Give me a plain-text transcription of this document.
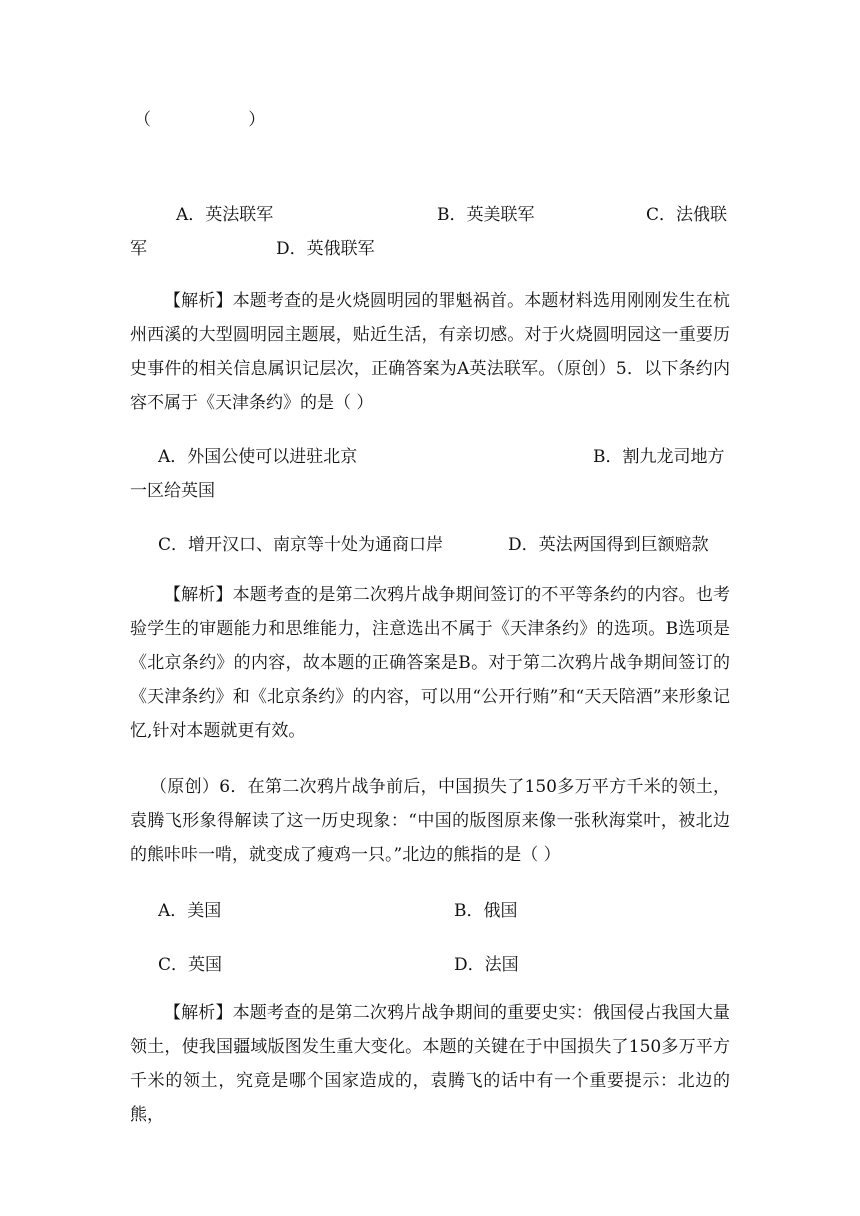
（                  ）
A．英法联军	B．英美联军	C．法俄联
军	D．英俄联军

【解析】本题考查的是火烧圆明园的罪魁祸首。本题材料选用刚刚发生在杭州西溪的大型圆明园主题展，贴近生活，有亲切感。对于火烧圆明园这一重要历史事件的相关信息属识记层次，正确答案为A英法联军。（原创）5．以下条约内容不属于《天津条约》的是（ ）

A．外国公使可以进驻北京	B．割九龙司地方
一区给英国
C．增开汉口、南京等十处为通商口岸	D．英法两国得到巨额赔款

【解析】本题考查的是第二次鸦片战争期间签订的不平等条约的内容。也考验学生的审题能力和思维能力，注意选出不属于《天津条约》的选项。B选项是《北京条约》的内容，故本题的正确答案是B。对于第二次鸦片战争期间签订的《天津条约》和《北京条约》的内容，可以用“公开行贿”和“天天陪酒”来形象记忆,针对本题就更有效。

（原创）6．在第二次鸦片战争前后，中国损失了150多万平方千米的领土，袁腾飞形象得解读了这一历史现象：“中国的版图原来像一张秋海棠叶，被北边的熊咔咔一啃，就变成了瘦鸡一只。”北边的熊指的是（ ）

A．美国	B．俄国
C．英国	D．法国

【解析】本题考查的是第二次鸦片战争期间的重要史实：俄国侵占我国大量领土，使我国疆域版图发生重大变化。本题的关键在于中国损失了150多万平方千米的领土，究竟是哪个国家造成的，袁腾飞的话中有一个重要提示：北边的熊，
